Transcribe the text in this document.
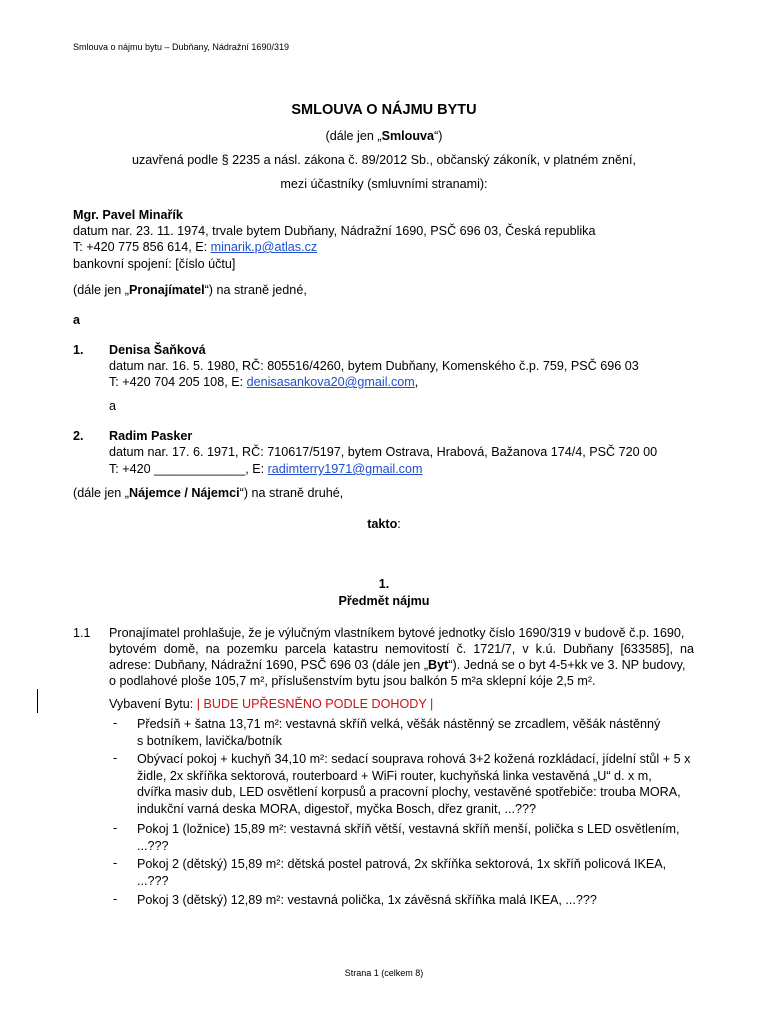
Smlouva o nájmu bytu – Dubňany, Nádražní 1690/319
SMLOUVA O NÁJMU BYTU
(dále jen „Smlouva“)
uzavřená podle § 2235 a násl. zákona č. 89/2012 Sb., občanský zákoník, v platném znění,
mezi účastníky (smluvními stranami):
Mgr. Pavel Minařík
datum nar. 23. 11. 1974, trvale bytem Dubňany, Nádražní 1690, PSČ 696 03, Česká republika
T: +420 775 856 614, E: minarik.p@atlas.cz
bankovní spojení: [číslo účtu]
(dále jen „Pronajímatel“) na straně jedné,
a
1. Denisa Šaňková
datum nar. 16. 5. 1980, RČ: 805516/4260, bytem Dubňany, Komenského č.p. 759, PSČ 696 03
T: +420 704 205 108, E: denisasankova20@gmail.com,
a
2. Radim Pasker
datum nar. 17. 6. 1971, RČ: 710617/5197, bytem Ostrava, Hrabová, Bažanova 174/4, PSČ 720 00
T: +420 _____________, E: radimterry1971@gmail.com
(dále jen „Nájemce / Nájemci“) na straně druhé,
takto:
1.
Předmět nájmu
1.1 Pronajímatel prohlašuje, že je výlučným vlastníkem bytové jednotky číslo 1690/319 v budově č.p. 1690,
bytovém domě, na pozemku parcela katastru nemovitostí č. 1721/7, v k.ú. Dubňany [633585], na
adrese: Dubňany, Nádražní 1690, PSČ 696 03 (dále jen „Byt“). Jedná se o byt 4-5+kk ve 3. NP budovy,
o podlahové ploše 105,7 m², příslušenstvím bytu jsou balkón 5 m²a sklepní kóje 2,5 m².
Vybavení Bytu: | BUDE UPŘESNĚNO PODLE DOHODY |
- Předsíň + šatna 13,71 m²: vestavná skříň velká, věšák nástěnný se zrcadlem, věšák nástěnný
s botníkem, lavička/botník
- Obývací pokoj + kuchyň 34,10 m²: sedací souprava rohová 3+2 kožená rozkládací, jídelní stůl + 5 x
židle, 2x skříňka sektorová, routerboard + WiFi router, kuchyňská linka vestavěná „U“ d. x m,
dvířka masiv dub, LED osvětlení korpusů a pracovní plochy, vestavěné spotřebiče: trouba MORA,
indukční varná deska MORA, digestoř, myčka Bosch, dřez granit, ...???
- Pokoj 1 (ložnice) 15,89 m²: vestavná skříň větší, vestavná skříň menší, polička s LED osvětlením,
...???
- Pokoj 2 (dětský) 15,89 m²: dětská postel patrová, 2x skříňka sektorová, 1x skříň policová IKEA,
...???
- Pokoj 3 (dětský) 12,89 m²: vestavná polička, 1x závěsná skříňka malá IKEA, ...???
Strana 1 (celkem 8)
